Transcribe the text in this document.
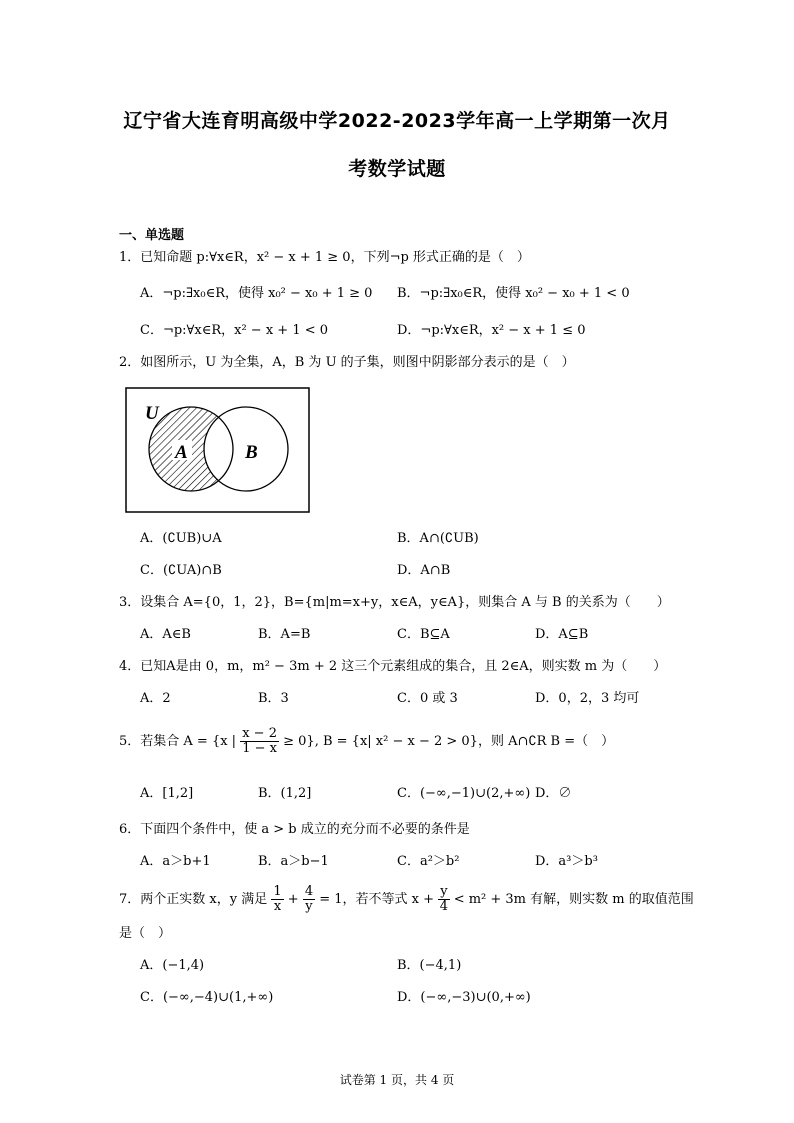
辽宁省大连育明高级中学2022-2023学年高一上学期第一次月
考数学试题
一、单选题
1．已知命题 p:∀x∈R，x² − x + 1 ≥ 0，下列¬p 形式正确的是（　）
A．¬p:∃x₀∈R，使得 x₀² − x₀ + 1 ≥ 0 B．¬p:∃x₀∈R，使得 x₀² − x₀ + 1 < 0
C．¬p:∀x∈R，x² − x + 1 < 0	D．¬p:∀x∈R，x² − x + 1 ≤ 0
2．如图所示，U 为全集，A，B 为 U 的子集，则图中阴影部分表示的是（　）
U
A	B
A．(∁UB)∪A	B．A∩(∁UB)
C．(∁UA)∩B	D．A∩B
3．设集合 A={0，1，2}，B={m|m=x+y，x∈A，y∈A}，则集合 A 与 B 的关系为（　　）
A．A∈B	B．A=B	C．B⊆A	D．A⊆B
4．已知A是由 0，m，m² − 3m + 2 这三个元素组成的集合，且 2∈A，则实数 m 为（　　）
A．2	B．3	C．0 或 3	D．0，2，3 均可
5．若集合 A = {x | $\frac{x - 2}{1 - x} \ge 0$}, B = {x| x² − x − 2 > 0}，则 A∩∁R B =（　）
A．[1,2]	B．(1,2]	C．(−∞,−1)∪(2,+∞) D．∅
6．下面四个条件中，使 a > b 成立的充分而不必要的条件是
A．a＞b+1	B．a＞b−1	C．a²＞b²	D．a³＞b³
7．两个正实数 x，y 满足 $\frac{1}{x} + \frac{4}{y} = 1$，若不等式 $x + \frac{y}{4} < m^2 + 3m$ 有解，则实数 m 的取值范围
是（　）
A．(−1,4)	B．(−4,1)
C．(−∞,−4)∪(1,+∞)	D．(−∞,−3)∪(0,+∞)
试卷第 1 页，共 4 页
